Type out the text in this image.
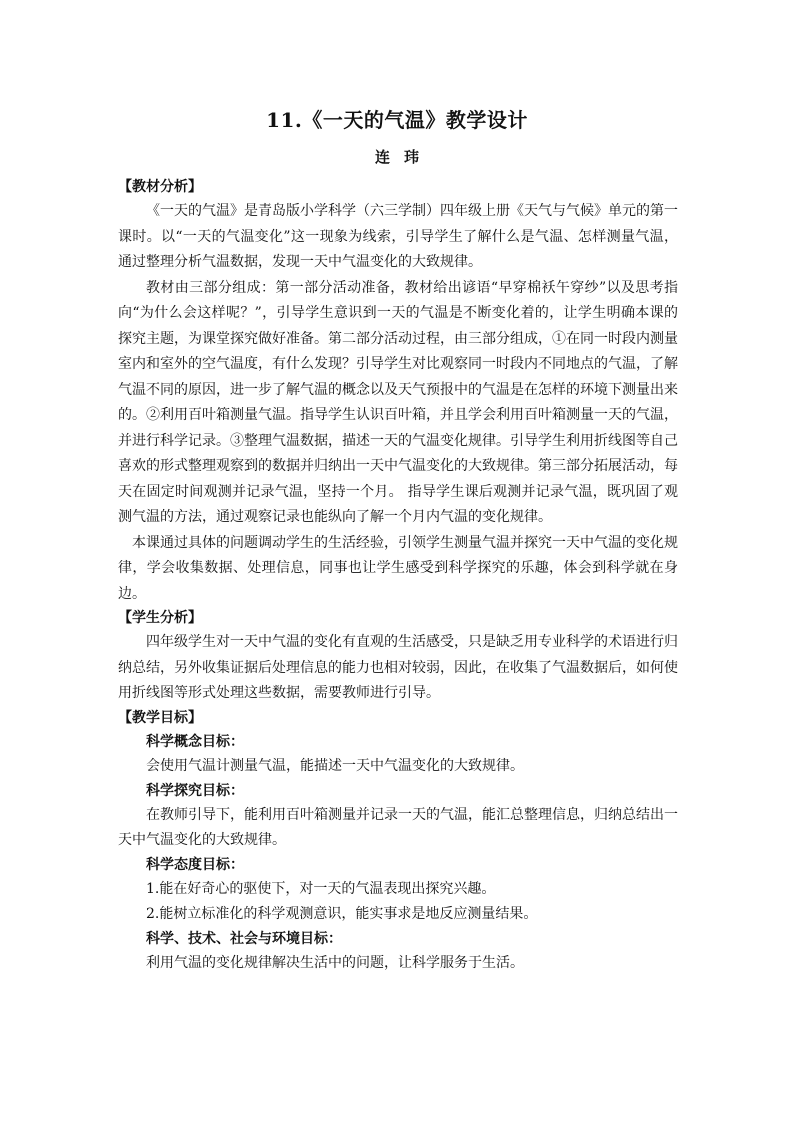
11.《一天的气温》教学设计
连玮

【教材分析】

《一天的气温》是青岛版小学科学（六三学制）四年级上册《天气与气候》单元的第一课时。以“一天的气温变化”这一现象为线索，引导学生了解什么是气温、怎样测量气温，通过整理分析气温数据，发现一天中气温变化的大致规律。

教材由三部分组成：第一部分活动准备，教材给出谚语“早穿棉袄午穿纱”以及思考指向“为什么会这样呢？”，引导学生意识到一天的气温是不断变化着的，让学生明确本课的探究主题，为课堂探究做好准备。第二部分活动过程，由三部分组成，①在同一时段内测量室内和室外的空气温度，有什么发现？引导学生对比观察同一时段内不同地点的气温，了解气温不同的原因，进一步了解气温的概念以及天气预报中的气温是在怎样的环境下测量出来的。②利用百叶箱测量气温。指导学生认识百叶箱，并且学会利用百叶箱测量一天的气温，并进行科学记录。③整理气温数据，描述一天的气温变化规律。引导学生利用折线图等自己喜欢的形式整理观察到的数据并归纳出一天中气温变化的大致规律。第三部分拓展活动，每天在固定时间观测并记录气温，坚持一个月。 指导学生课后观测并记录气温，既巩固了观测气温的方法，通过观察记录也能纵向了解一个月内气温的变化规律。

本课通过具体的问题调动学生的生活经验，引领学生测量气温并探究一天中气温的变化规律，学会收集数据、处理信息，同事也让学生感受到科学探究的乐趣，体会到科学就在身边。

【学生分析】

四年级学生对一天中气温的变化有直观的生活感受，只是缺乏用专业科学的术语进行归纳总结，另外收集证据后处理信息的能力也相对较弱，因此，在收集了气温数据后，如何使用折线图等形式处理这些数据，需要教师进行引导。

【教学目标】

科学概念目标：

会使用气温计测量气温，能描述一天中气温变化的大致规律。

科学探究目标：

在教师引导下，能利用百叶箱测量并记录一天的气温，能汇总整理信息，归纳总结出一天中气温变化的大致规律。

科学态度目标：

1.能在好奇心的驱使下，对一天的气温表现出探究兴趣。

2.能树立标准化的科学观测意识，能实事求是地反应测量结果。

科学、技术、社会与环境目标：

利用气温的变化规律解决生活中的问题，让科学服务于生活。
